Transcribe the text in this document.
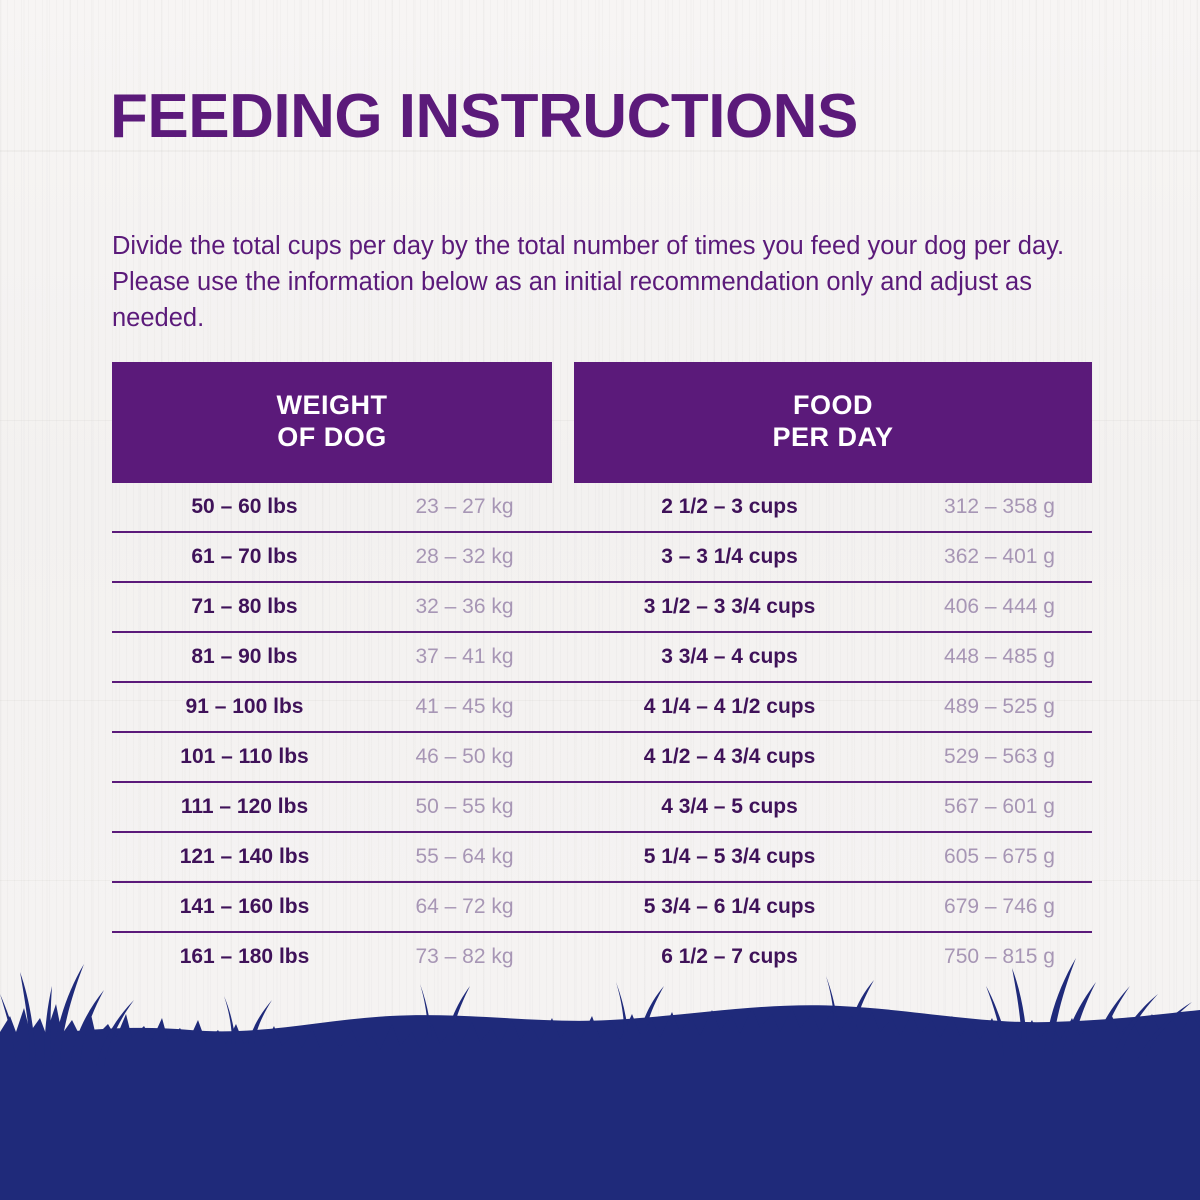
FEEDING INSTRUCTIONS
Divide the total cups per day by the total number of times you feed your dog per day. Please use the information below as an initial recommendation only and adjust as needed.
WEIGHT
OF DOG
FOOD
PER DAY
50 – 60 lbs	23 – 27 kg	2 1/2 – 3 cups	312 – 358 g
61 – 70 lbs	28 – 32 kg	3 – 3 1/4 cups	362 – 401 g
71 – 80 lbs	32 – 36 kg	3 1/2 – 3 3/4 cups	406 – 444 g
81 – 90 lbs	37 – 41 kg	3 3/4 – 4 cups	448 – 485 g
91 – 100 lbs	41 – 45 kg	4 1/4 – 4 1/2 cups	489 – 525 g
101 – 110 lbs	46 – 50 kg	4 1/2 – 4 3/4 cups	529 – 563 g
111 – 120 lbs	50 – 55 kg	4 3/4 – 5 cups	567 – 601 g
121 – 140 lbs	55 – 64 kg	5 1/4 – 5 3/4 cups	605 – 675 g
141 – 160 lbs	64 – 72 kg	5 3/4 – 6 1/4 cups	679 – 746 g
161 – 180 lbs	73 – 82 kg	6 1/2 – 7 cups	750 – 815 g
